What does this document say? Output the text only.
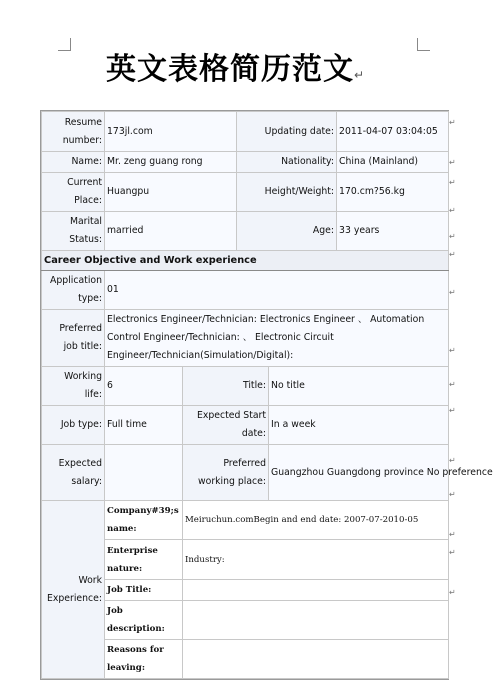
英文表格简历范文↵
Resume number:	173jl.com		Updating date:		2011-04-07 03:04:05
Name:	Mr. zeng guang rong		Nationality:		China (Mainland)
Current Place:	Huangpu		Height/Weight:		170.cm?56.kg
Marital Status:	married		Age:		33 years
Career Objective and Work experience					
Application type:	01				
Preferred job title:	Electronics Engineer/Technician: Electronics Engineer 、 Automation Control Engineer/Technician: 、 Electronic Circuit Engineer/Technician(Simulation/Digital):				
Working life:	6	Title:		No title	
Job type:	Full time	Expected Start date:		In a week	
Expected salary:		Preferred working place:		Guangzhou Guangdong province No preference	
Work Experience:	Company#39;s name:	Meiruchun.comBegin and end date: 2007-07-2010-05			
	Enterprise nature:	Industry:			
	Job Title:				
	Job description:				
	Reasons for leaving:				
↵
↵
↵
↵
↵
↵
↵
↵
↵
↵
↵
↵
↵
↵
↵
